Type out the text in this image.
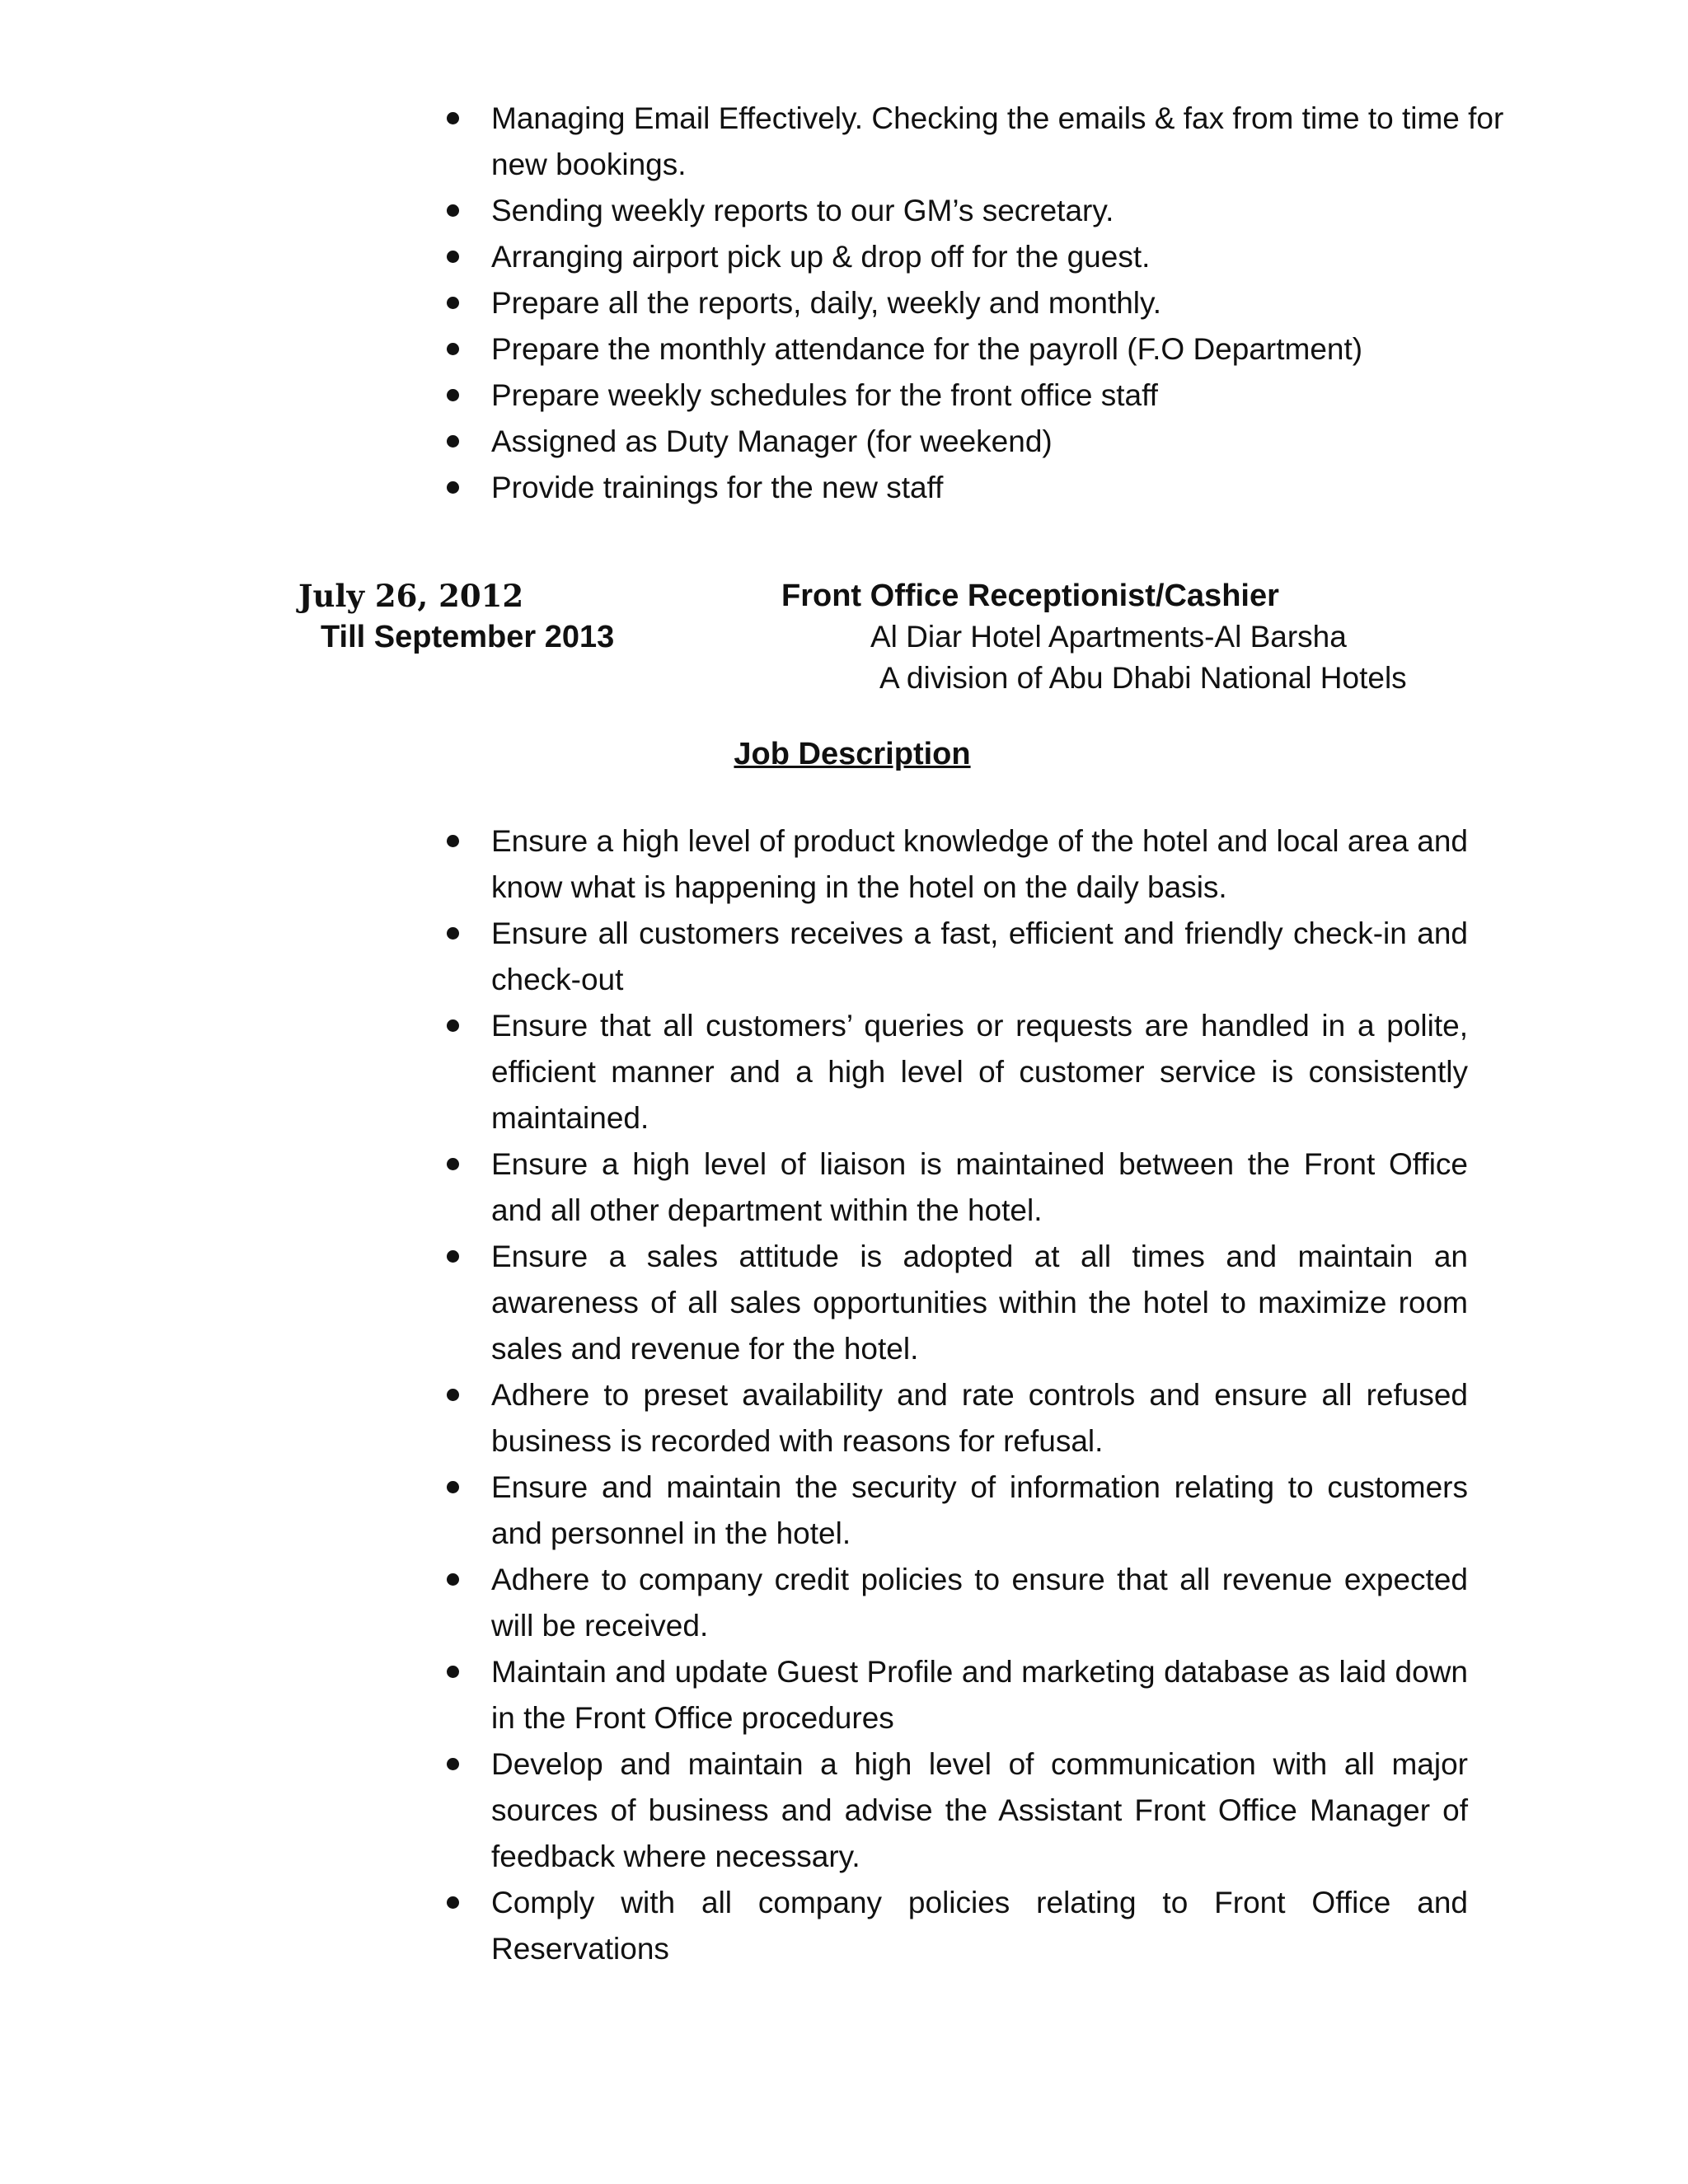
Managing Email Effectively. Checking the emails & fax from time to time for new bookings.
Sending weekly reports to our GM’s secretary.
Arranging airport pick up & drop off for the guest.
Prepare all the reports, daily, weekly and monthly.
Prepare the monthly attendance for the payroll (F.O Department)
Prepare weekly schedules for the front office staff
Assigned as Duty Manager (for weekend)
Provide trainings for the new staff
July 26, 2012
Till September 2013
Front Office Receptionist/Cashier
Al Diar Hotel Apartments-Al Barsha
A division of Abu Dhabi National Hotels
Job Description
Ensure a high level of product knowledge of the hotel and local area and know what is happening in the hotel on the daily basis.
Ensure all customers receives a fast, efficient and friendly check-in and check-out
Ensure that all customers’ queries or requests are handled in a polite, efficient manner and a high level of customer service is consistently maintained.
Ensure a high level of liaison is maintained between the Front Office and all other department within the hotel.
Ensure a sales attitude is adopted at all times and maintain an awareness of all sales opportunities within the hotel to maximize room sales and revenue for the hotel.
Adhere to preset availability and rate controls and ensure all refused business is recorded with reasons for refusal.
Ensure and maintain the security of information relating to customers and personnel in the hotel.
Adhere to company credit policies to ensure that all revenue expected will be received.
Maintain and update Guest Profile and marketing database as laid down in the Front Office procedures
Develop and maintain a high level of communication with all major sources of business and advise the Assistant Front Office Manager of feedback where necessary.
Comply with all company policies relating to Front Office and Reservations
